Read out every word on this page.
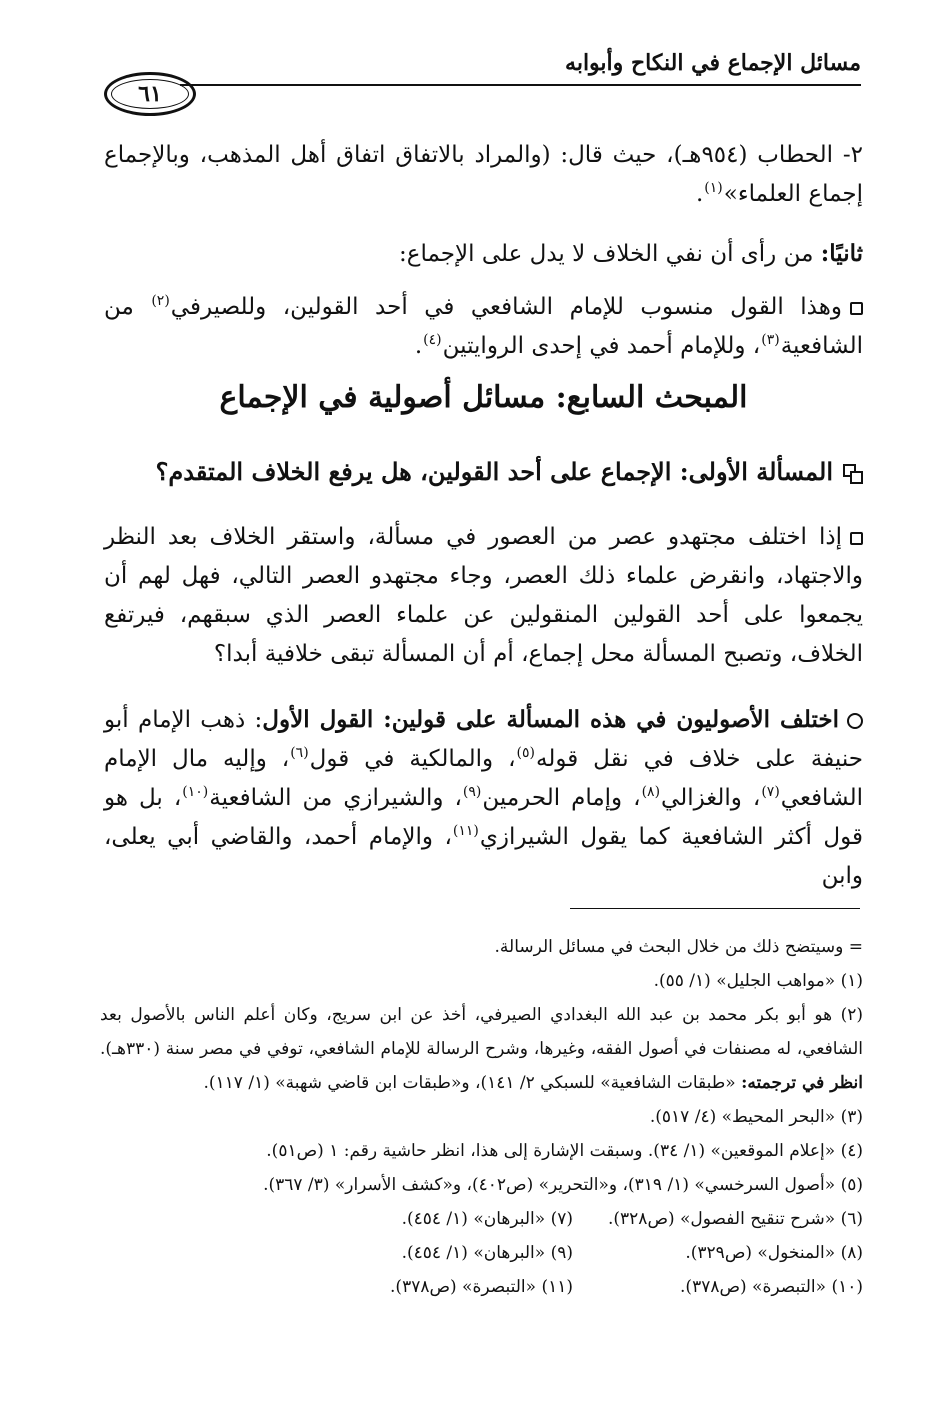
مسائل الإجماع في النكاح وأبوابه
٦١
٢- الحطاب (٩٥٤هـ)، حيث قال: (والمراد بالاتفاق اتفاق أهل المذهب، وبالإجماع إجماع العلماء»$^{(١)}$.
ثانيًا: من رأى أن نفي الخلاف لا يدل على الإجماع:
وهذا القول منسوب للإمام الشافعي في أحد القولين، وللصيرفي$^{(٢)}$ من الشافعية$^{(٣)}$، وللإمام أحمد في إحدى الروايتين$^{(٤)}$.
المبحث السابع: مسائل أصولية في الإجماع
المسألة الأولى: الإجماع على أحد القولين، هل يرفع الخلاف المتقدم؟
إذا اختلف مجتهدو عصر من العصور في مسألة، واستقر الخلاف بعد النظر والاجتهاد، وانقرض علماء ذلك العصر، وجاء مجتهدو العصر التالي، فهل لهم أن يجمعوا على أحد القولين المنقولين عن علماء العصر الذي سبقهم، فيرتفع الخلاف، وتصبح المسألة محل إجماع، أم أن المسألة تبقى خلافية أبدا؟
اختلف الأصوليون في هذه المسألة على قولين: القول الأول: ذهب الإمام أبو حنيفة على خلاف في نقل قوله$^{(٥)}$، والمالكية في قول$^{(٦)}$، وإليه مال الإمام الشافعي$^{(٧)}$، والغزالي$^{(٨)}$، وإمام الحرمين$^{(٩)}$، والشيرازي من الشافعية$^{(١٠)}$، بل هو قول أكثر الشافعية كما يقول الشيرازي$^{(١١)}$، والإمام أحمد، والقاضي أبي يعلى، وابن
= وسيتضح ذلك من خلال البحث في مسائل الرسالة.
(١) «مواهب الجليل» (١/ ٥٥).
(٢) هو أبو بكر محمد بن عبد الله البغدادي الصيرفي، أخذ عن ابن سريج، وكان أعلم الناس بالأصول بعد الشافعي، له مصنفات في أصول الفقه، وغيرها، وشرح الرسالة للإمام الشافعي، توفي في مصر سنة (٣٣٠هـ). انظر في ترجمته: «طبقات الشافعية» للسبكي ٢/ ١٤١)، و«طبقات ابن قاضي شهبة» (١/ ١١٧).
(٣) «البحر المحيط» (٤/ ٥١٧).
(٤) «إعلام الموقعين» (١/ ٣٤). وسبقت الإشارة إلى هذا، انظر حاشية رقم: ١ (ص٥١).
(٥) «أصول السرخسي» (١/ ٣١٩)، و«التحرير» (ص٤٠٢)، و«كشف الأسرار» (٣/ ٣٦٧).
(٦) «شرح تنقيح الفصول» (ص٣٢٨).
(٧) «البرهان» (١/ ٤٥٤).
(٨) «المنخول» (ص٣٢٩).
(٩) «البرهان» (١/ ٤٥٤).
(١٠) «التبصرة» (ص٣٧٨).
(١١) «التبصرة» (ص٣٧٨).
